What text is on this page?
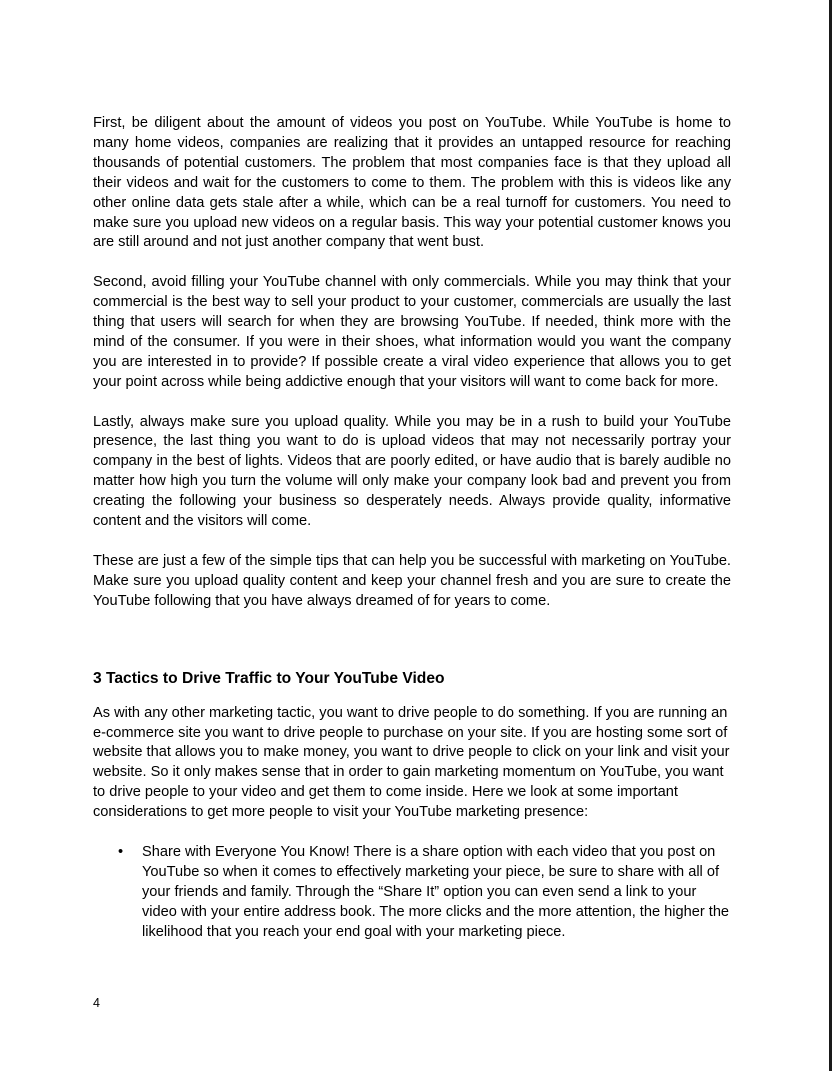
First, be diligent about the amount of videos you post on YouTube. While YouTube is home to many home videos, companies are realizing that it provides an untapped resource for reaching thousands of potential customers. The problem that most companies face is that they upload all their videos and wait for the customers to come to them. The problem with this is videos like any other online data gets stale after a while, which can be a real turnoff for customers. You need to make sure you upload new videos on a regular basis. This way your potential customer knows you are still around and not just another company that went bust.

Second, avoid filling your YouTube channel with only commercials. While you may think that your commercial is the best way to sell your product to your customer, commercials are usually the last thing that users will search for when they are browsing YouTube. If needed, think more with the mind of the consumer. If you were in their shoes, what information would you want the company you are interested in to provide? If possible create a viral video experience that allows you to get your point across while being addictive enough that your visitors will want to come back for more.

Lastly, always make sure you upload quality. While you may be in a rush to build your YouTube presence, the last thing you want to do is upload videos that may not necessarily portray your company in the best of lights. Videos that are poorly edited, or have audio that is barely audible no matter how high you turn the volume will only make your company look bad and prevent you from creating the following your business so desperately needs. Always provide quality, informative content and the visitors will come.

These are just a few of the simple tips that can help you be successful with marketing on YouTube. Make sure you upload quality content and keep your channel fresh and you are sure to create the YouTube following that you have always dreamed of for years to come.

3 Tactics to Drive Traffic to Your YouTube Video

As with any other marketing tactic, you want to drive people to do something. If you are running an e-commerce site you want to drive people to purchase on your site. If you are hosting some sort of website that allows you to make money, you want to drive people to click on your link and visit your website. So it only makes sense that in order to gain marketing momentum on YouTube, you want to drive people to your video and get them to come inside. Here we look at some important considerations to get more people to visit your YouTube marketing presence:

• Share with Everyone You Know! There is a share option with each video that you post on YouTube so when it comes to effectively marketing your piece, be sure to share with all of your friends and family. Through the “Share It” option you can even send a link to your video with your entire address book. The more clicks and the more attention, the higher the likelihood that you reach your end goal with your marketing piece.
4
